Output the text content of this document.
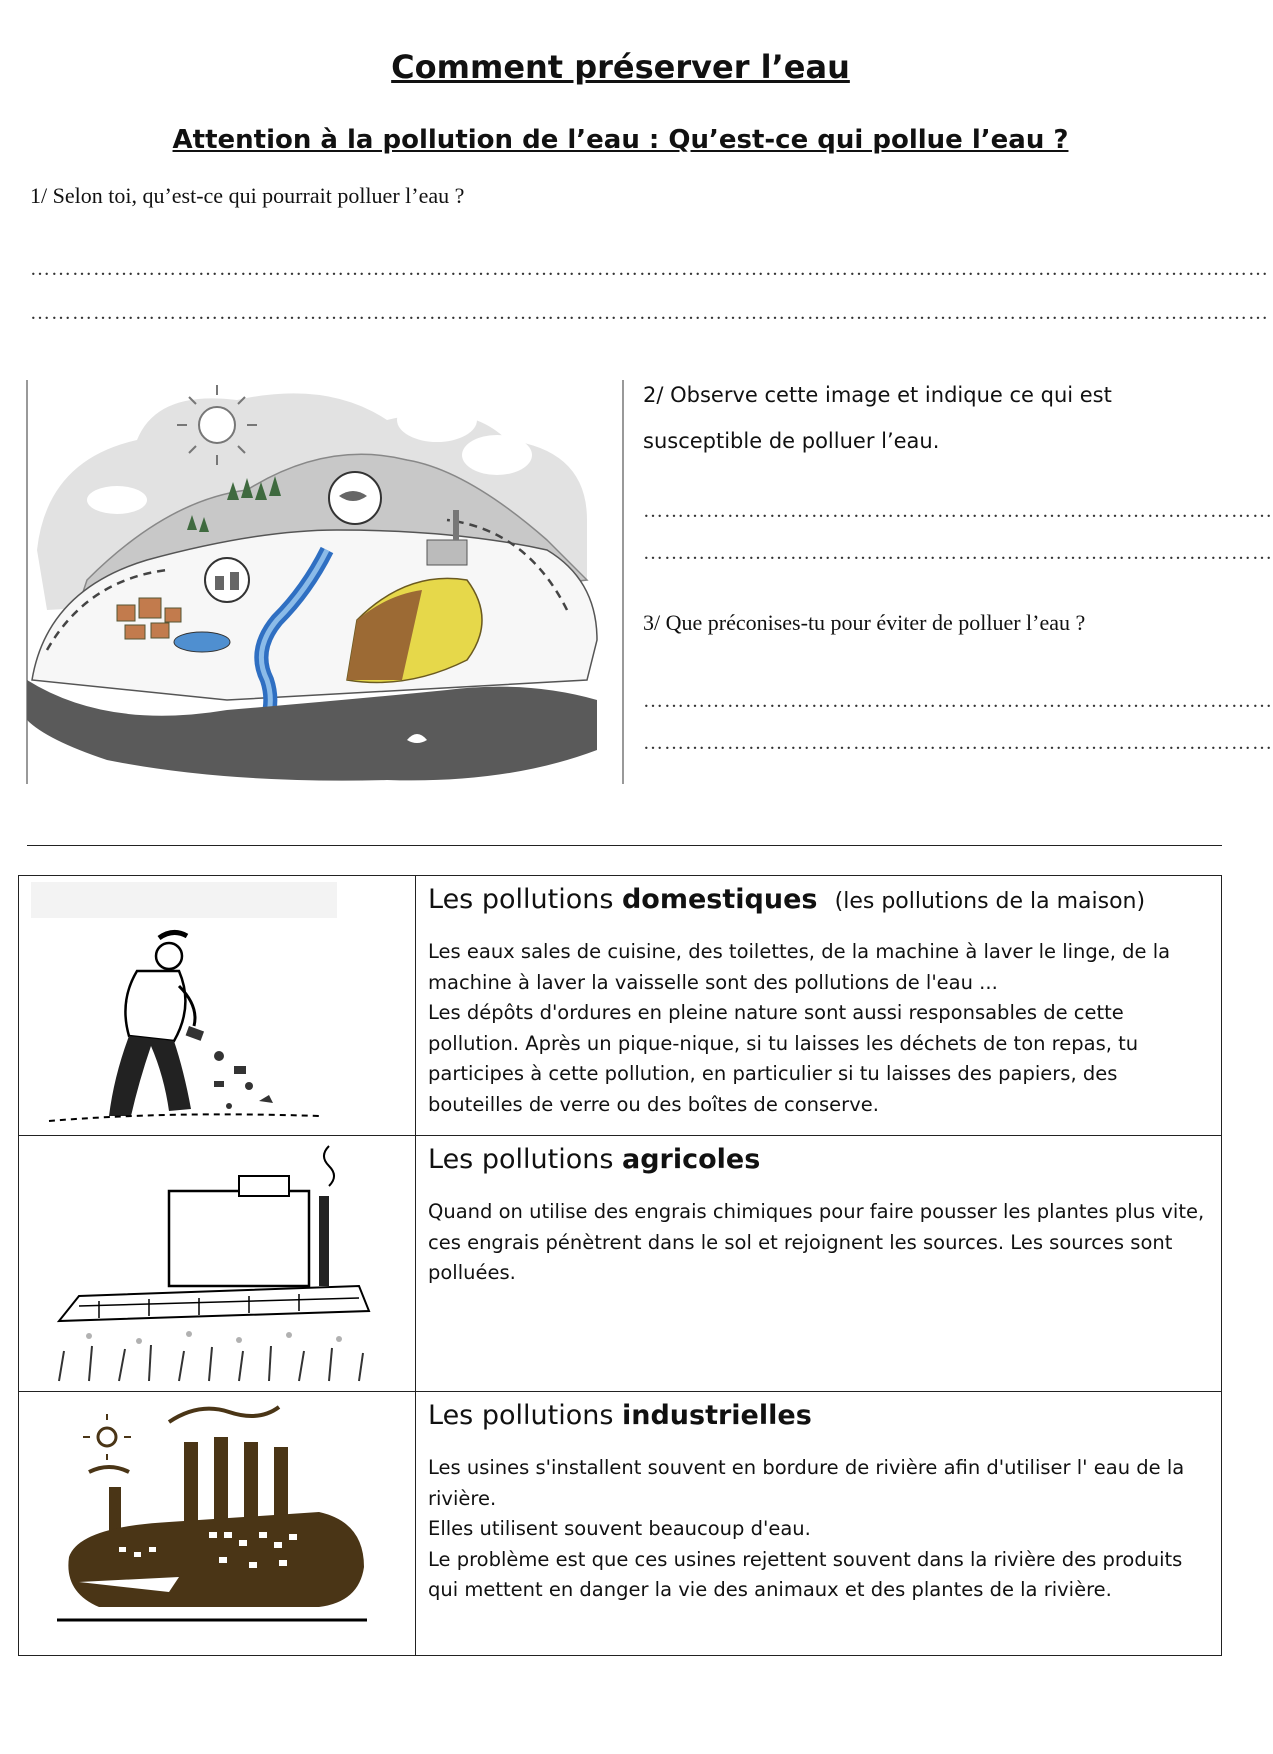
Comment préserver l’eau
Attention à la pollution de l’eau : Qu’est-ce qui pollue l’eau ?
1/ Selon toi, qu’est-ce qui pourrait polluer l’eau ?
……………………………………………………………………………………………………………………………………………………………
……………………………………………………………………………………………………………………………………………………………
2/ Observe cette image et indique ce qui est susceptible de polluer l’eau.
………………………………………………………………………………
………………………………………………………………………………
3/ Que préconises-tu pour éviter de polluer l’eau ?
………………………………………………………………………………
………………………………………………………………………………

Les pollutions domestiques (les pollutions de la maison)

Les eaux sales de cuisine, des toilettes, de la machine à laver le linge, de la machine à laver la vaisselle sont des pollutions de l'eau ...

Les dépôts d'ordures en pleine nature sont aussi responsables de cette pollution. Après un pique-nique, si tu laisses les déchets de ton repas, tu participes à cette pollution, en particulier si tu laisses des papiers, des bouteilles de verre ou des boîtes de conserve.

Les pollutions agricoles

Quand on utilise des engrais chimiques pour faire pousser les plantes plus vite, ces engrais pénètrent dans le sol et rejoignent les sources. Les sources sont polluées.

Les pollutions industrielles

Les usines s'installent souvent en bordure de rivière afin d'utiliser l' eau de la rivière.

Elles utilisent souvent beaucoup d'eau.

Le problème est que ces usines rejettent souvent dans la rivière des produits qui mettent en danger la vie des animaux et des plantes de la rivière.
